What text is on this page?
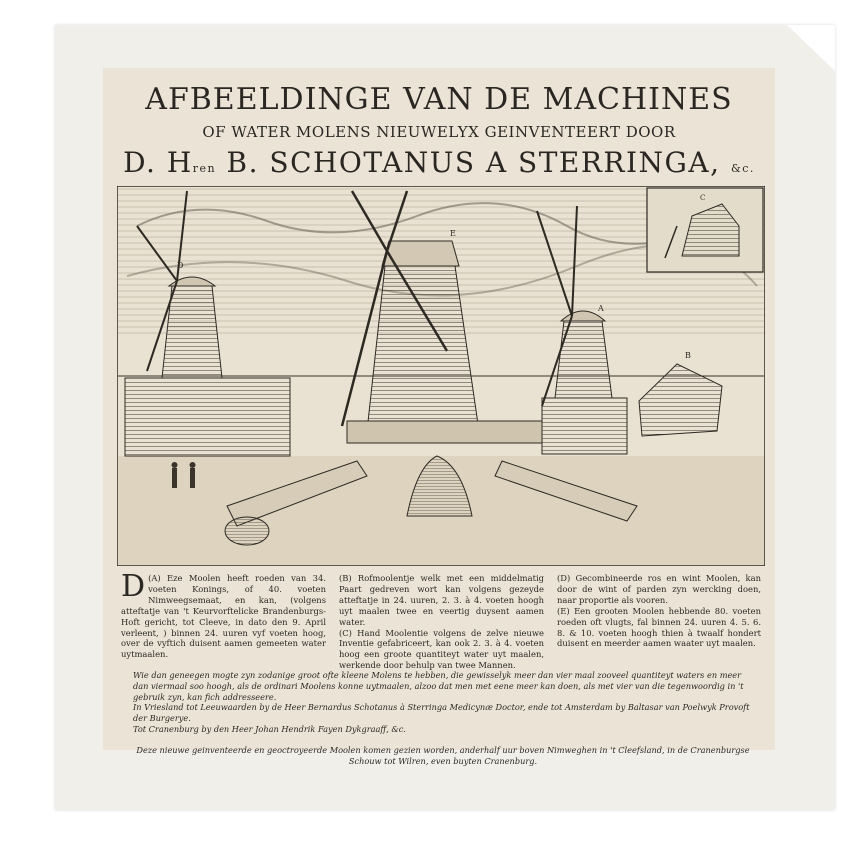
AFBEELDINGE VAN DE MACHINES
OF WATER MOLENS NIEUWELYX GEINVENTEERT DOOR
D. Hren B. SCHOTANUS A STERRINGA, &c.
C
D
E
A
B

D (A) Eze Moolen heeft roeden van 34. voeten Konings, of 40. voeten Nimweegsemaat, en kan, (volgens atteftatje van 't Keurvorftelicke Brandenburgs-Hoft gericht, tot Cleeve, in dato den 9. April verleent, ) binnen 24. uuren vyf voeten hoog, over de vyftich duisent aamen gemeeten water uytmaalen.

(B) Rofmoolentje welk met een middelmatig Paart gedreven wort kan volgens gezeyde atteftatje in 24. uuren, 2. 3. à 4. voeten hoogh uyt maalen twee en veertig duysent aamen water.

(C) Hand Moolentie volgens de zelve nieuwe Inventie gefabriceert, kan ook 2. 3. à 4. voeten hoog een groote quantiteyt water uyt maalen, werkende door behulp van twee Mannen.

(D) Gecombineerde ros en wint Moolen, kan door de wint of parden zyn wercking doen, naar proportie als vooren.

(E) Een grooten Moolen hebbende 80. voeten roeden oft vlugts, fal binnen 24. uuren 4. 5. 6. 8. & 10. voeten hoogh thien à twaalf hondert duisent en meerder aamen waater uyt maalen.

Wie dan geneegen mogte zyn zodanige groot ofte kleene Molens te hebben, die gewisselyk meer dan vier maal zooveel quantiteyt waters en meer dan viermaal soo hoogh, als de ordinari Moolens konne uytmaalen, alzoo dat men met eene meer kan doen, als met vier van die tegenwoordig in 't gebruik zyn, kan fich addresseere.

In Vriesland tot Leeuwaarden by de Heer Bernardus Schotanus à Sterringa Medicynæ Doctor, ende tot Amsterdam by Baltasar van Poelwyk Provoft der Burgerye.

Tot Cranenburg by den Heer Johan Hendrik Fayen Dykgraaff, &c.

Deze nieuwe geinventeerde en geoctroyeerde Moolen komen gezien worden, anderhalf uur boven Nimweghen in 't Cleefsland, in de Cranenburgse Schouw tot Wilren, even buyten Cranenburg.
